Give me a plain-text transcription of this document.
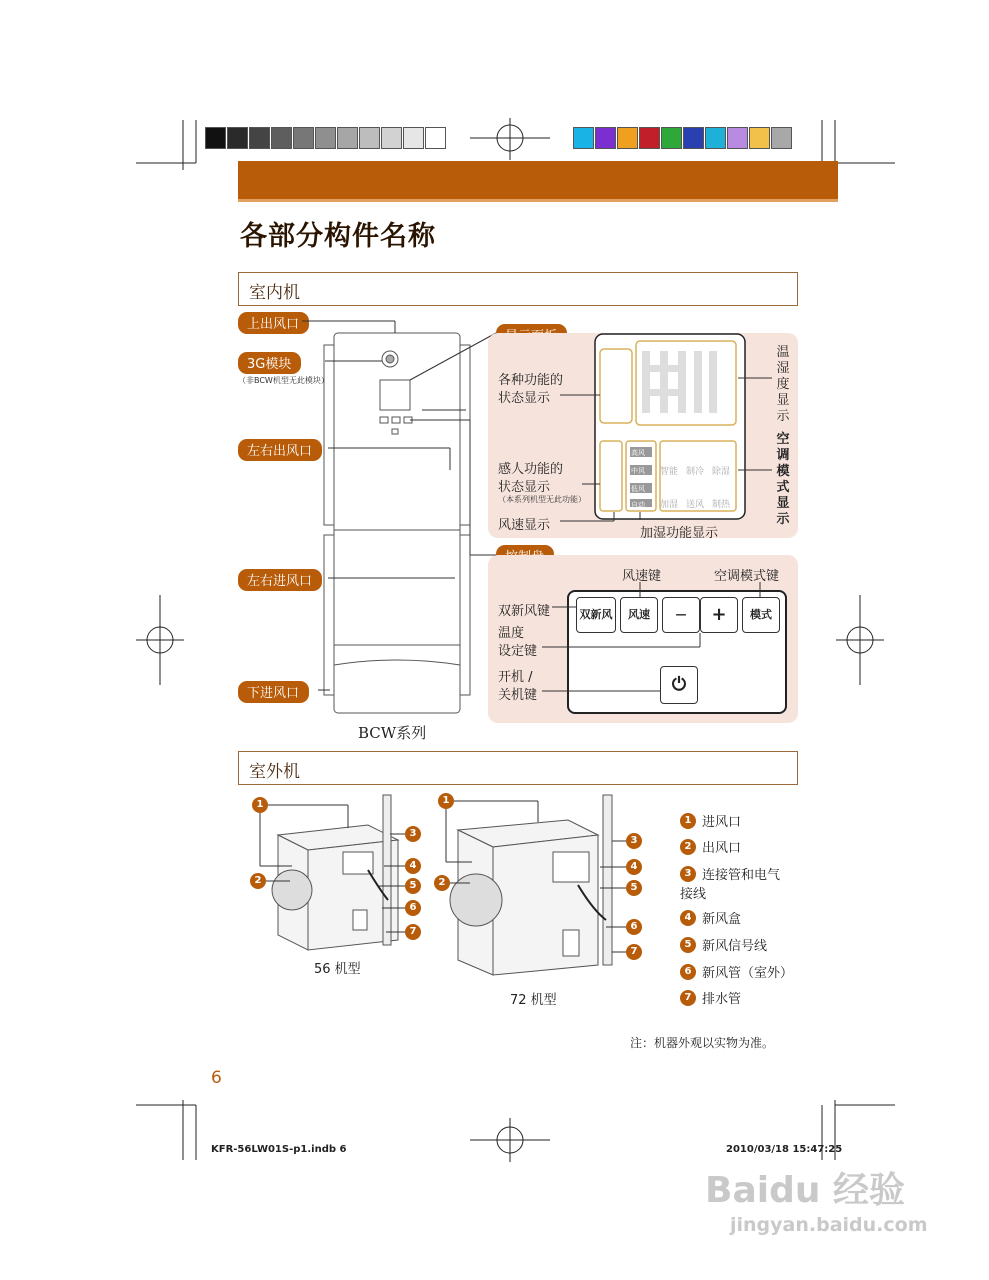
各部分构件名称
室内机
BCW系列
上出风口
3G模块
（非BCW机型无此模块）
左右出风口
左右进风口
下进风口
智能 制冷 除湿
加湿 送风 制热
高风
中风
低风
自动
各种功能的
状态显示
感人功能的
状态显示
（本系列机型无此功能）
风速显示
加湿功能显示
温
湿
度
显
示
空
调
模
式
显
示
双新风	风速	—	+	模式
⏻
风速键	空调模式键
双新风键
温度
设定键
开机 /
关机键
室外机
1
2
3
4
5
6
7
1
2
3
4
5
6
7
56 机型
72 机型
1 进风口
2 出风口
3 连接管和电气接线
4 新风盒
5 新风信号线
6 新风管（室外）
7 排水管
注：机器外观以实物为准。
6
KFR-56LW01S-p1.indb 6	2010/03/18 15:47:25
Baidu 经验
jingyan.baidu.com
